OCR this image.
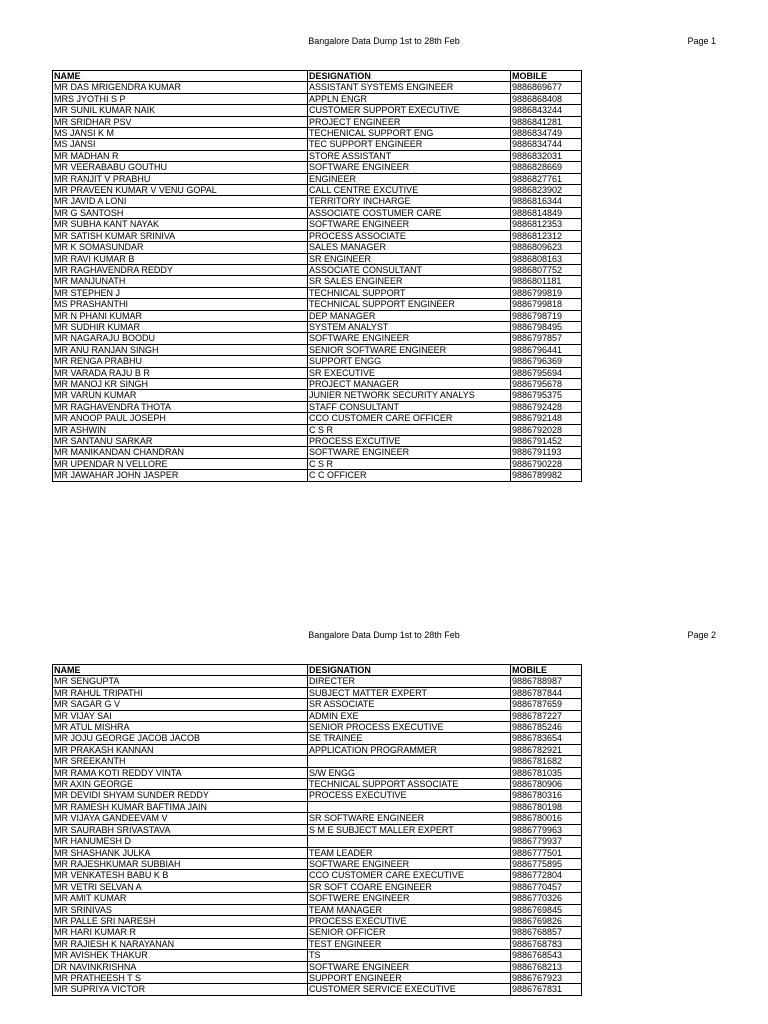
Bangalore Data Dump 1st to 28th Feb	Page 1
NAME	DESIGNATION	MOBILE
MR DAS MRIGENDRA KUMAR	ASSISTANT SYSTEMS ENGINEER	9886869677
MRS JYOTHI S P	APPLN ENGR	9886868408
MR SUNIL KUMAR NAIK	CUSTOMER SUPPORT EXECUTIVE	9886843244
MR SRIDHAR PSV	PROJECT ENGINEER	9886841281
MS JANSI K M	TECHENICAL SUPPORT ENG	9886834749
MS JANSI	TEC SUPPORT ENGINEER	9886834744
MR MADHAN R	STORE ASSISTANT	9886832031
MR VEERABABU GOUTHU	SOFTWARE ENGINEER	9886828669
MR RANJIT V PRABHU	ENGINEER	9886827761
MR PRAVEEN KUMAR V VENU GOPAL	CALL CENTRE EXCUTIVE	9886823902
MR JAVID A LONI	TERRITORY INCHARGE	9886816344
MR G SANTOSH	ASSOCIATE COSTUMER CARE	9886814849
MR SUBHA KANT NAYAK	SOFTWARE ENGINEER	9886812353
MR SATISH KUMAR SRINIVA	PROCESS ASSOCIATE	9886812312
MR K SOMASUNDAR	SALES MANAGER	9886809623
MR RAVI KUMAR B	SR ENGINEER	9886808163
MR RAGHAVENDRA REDDY	ASSOCIATE CONSULTANT	9886807752
MR MANJUNATH	SR SALES ENGINEER	9886801181
MR STEPHEN J	TECHNICAL SUPPORT	9886799819
MS PRASHANTHI	TECHNICAL SUPPORT ENGINEER	9886799818
MR N PHANI KUMAR	DEP MANAGER	9886798719
MR SUDHIR KUMAR	SYSTEM ANALYST	9886798495
MR NAGARAJU BOODU	SOFTWARE ENGINEER	9886797857
MR ANU RANJAN SINGH	SENIOR SOFTWARE ENGINEER	9886796441
MR RENGA PRABHU	SUPPORT ENGG	9886796369
MR VARADA RAJU B R	SR EXECUTIVE	9886795694
MR MANOJ KR SINGH	PROJECT MANAGER	9886795678
MR VARUN KUMAR	JUNIER NETWORK SECURITY ANALYS	9886795375
MR RAGHAVENDRA THOTA	STAFF CONSULTANT	9886792428
MR ANOOP PAUL JOSEPH	CCO CUSTOMER CARE OFFICER	9886792148
MR ASHWIN	C S R	9886792028
MR SANTANU SARKAR	PROCESS EXCUTIVE	9886791452
MR MANIKANDAN CHANDRAN	SOFTWARE ENGINEER	9886791193
MR UPENDAR N VELLORE	C S R	9886790228
MR JAWAHAR JOHN JASPER	C C OFFICER	9886789982
Bangalore Data Dump 1st to 28th Feb	Page 2
NAME	DESIGNATION	MOBILE
MR SENGUPTA	DIRECTER	9886788987
MR RAHUL TRIPATHI	SUBJECT MATTER EXPERT	9886787844
MR SAGAR G V	SR ASSOCIATE	9886787659
MR VIJAY SAI	ADMIN EXE	9886787227
MR ATUL MISHRA	SENIOR PROCESS EXECUTIVE	9886785246
MR JOJU GEORGE JACOB JACOB	SE TRAINEE	9886783654
MR PRAKASH KANNAN	APPLICATION PROGRAMMER	9886782921
MR SREEKANTH		9886781682
MR RAMA KOTI REDDY VINTA	S/W ENGG	9886781035
MR AXIN GEORGE	TECHNICAL SUPPORT ASSOCIATE	9886780906
MR DEVIDI SHYAM SUNDER REDDY	PROCESS EXECUTIVE	9886780316
MR RAMESH KUMAR BAFTIMA JAIN		9886780198
MR VIJAYA GANDEEVAM V	SR SOFTWARE ENGINEER	9886780016
MR SAURABH SRIVASTAVA	S M E SUBJECT MALLER EXPERT	9886779963
MR HANUMESH D		9886779937
MR SHASHANK JULKA	TEAM LEADER	9886777501
MR RAJESHKUMAR SUBBIAH	SOFTWARE ENGINEER	9886775895
MR VENKATESH BABU K B	CCO CUSTOMER CARE EXECUTIVE	9886772804
MR VETRI SELVAN A	SR SOFT COARE ENGINEER	9886770457
MR AMIT KUMAR	SOFTWERE ENGINEER	9886770326
MR SRINIVAS	TEAM MANAGER	9886769845
MR PALLE SRI NARESH	PROCESS EXECUTIVE	9886769826
MR HARI KUMAR R	SENIOR OFFICER	9886768857
MR RAJIESH K NARAYANAN	TEST ENGINEER	9886768783
MR AVISHEK THAKUR	TS	9886768543
DR NAVINKRISHNA	SOFTWARE ENGINEER	9886768213
MR PRATHEESH T S	SUPPORT ENGINEER	9886767923
MR SUPRIYA VICTOR	CUSTOMER SERVICE EXECUTIVE	9886767831
